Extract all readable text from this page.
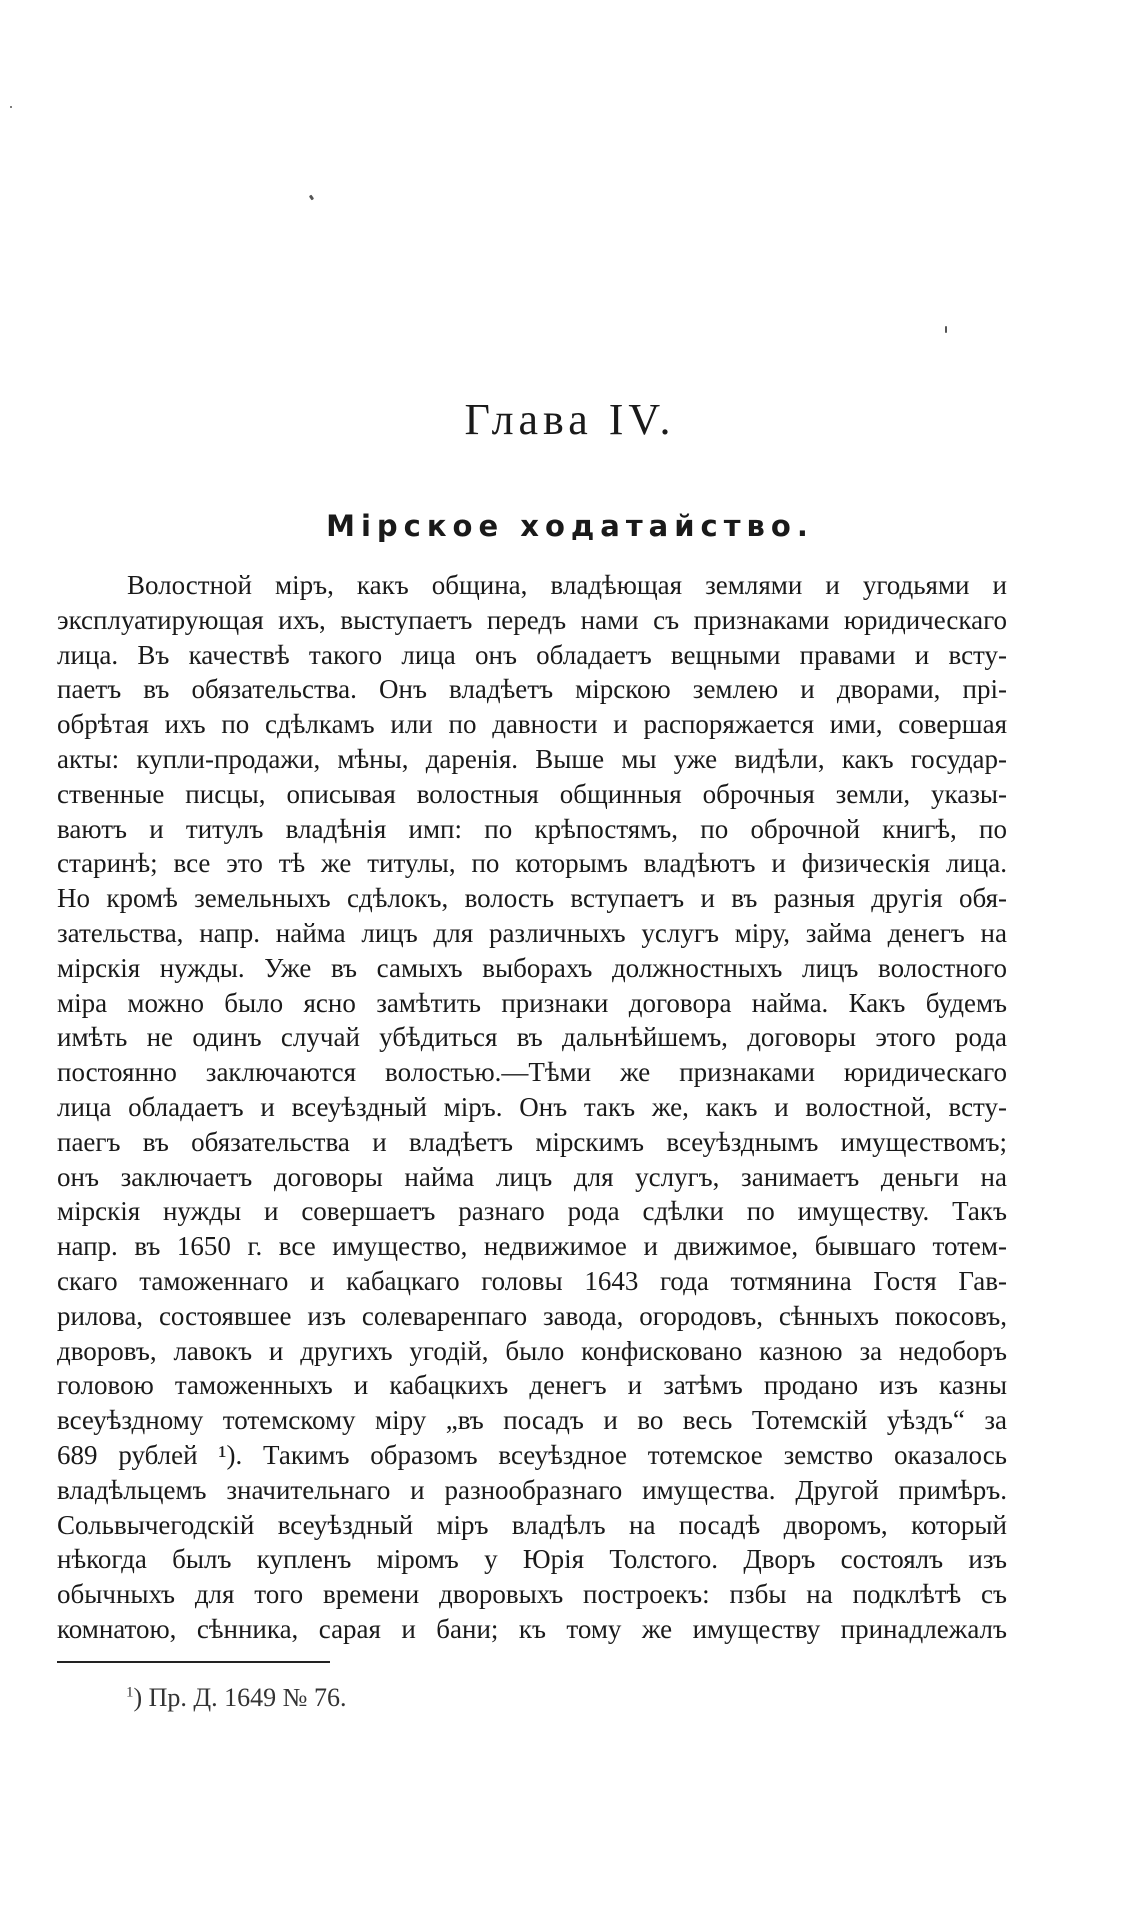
Глава IV.
Мірское ходатайство.
Волостной міръ, какъ община, владѣющая землями и угодьями и
эксплуатирующая ихъ, выступаетъ передъ нами съ признаками юридическаго
лица. Въ качествѣ такого лица онъ обладаетъ вещными правами и всту-
паетъ въ обязательства. Онъ владѣетъ мірскою землею и дворами, прі-
обрѣтая ихъ по сдѣлкамъ или по давности и распоряжается ими, совершая
акты: купли-продажи, мѣны, даренія. Выше мы уже видѣли, какъ государ-
ственные писцы, описывая волостныя общинныя оброчныя земли, указы-
ваютъ и титулъ владѣнія имп: по крѣпостямъ, по оброчной книгѣ, по
старинѣ; все это тѣ же титулы, по которымъ владѣютъ и физическія лица.
Но кромѣ земельныхъ сдѣлокъ, волость вступаетъ и въ разныя другія обя-
зательства, напр. найма лицъ для различныхъ услугъ міру, займа денегъ на
мірскія нужды. Уже въ самыхъ выборахъ должностныхъ лицъ волостного
міра можно было ясно замѣтить признаки договора найма. Какъ будемъ
имѣть не одинъ случай убѣдиться въ дальнѣйшемъ, договоры этого рода
постоянно заключаются волостью.—Тѣми же признаками юридическаго
лица обладаетъ и всеуѣздный міръ. Онъ такъ же, какъ и волостной, всту-
паегъ въ обязательства и владѣетъ мірскимъ всеуѣзднымъ имуществомъ;
онъ заключаетъ договоры найма лицъ для услугъ, занимаетъ деньги на
мірскія нужды и совершаетъ разнаго рода сдѣлки по имуществу. Такъ
напр. въ 1650 г. все имущество, недвижимое и движимое, бывшаго тотем-
скаго таможеннаго и кабацкаго головы 1643 года тотмянина Гостя Гав-
рилова, состоявшее изъ солеваренпаго завода, огородовъ, сѣнныхъ покосовъ,
дворовъ, лавокъ и другихъ угодій, было конфисковано казною за недоборъ
головою таможенныхъ и кабацкихъ денегъ и затѣмъ продано изъ казны
всеуѣздному тотемскому міру „въ посадъ и во весь Тотемскій уѣздъ“ за
689 рублей ¹). Такимъ образомъ всеуѣздное тотемское земство оказалось
владѣльцемъ значительнаго и разнообразнаго имущества. Другой примѣръ.
Сольвычегодскій всеуѣздный міръ владѣлъ на посадѣ дворомъ, который
нѣкогда былъ купленъ міромъ у Юрія Толстого. Дворъ состоялъ изъ
обычныхъ для того времени дворовыхъ построекъ: пзбы на подклѣтѣ съ
комнатою, сѣнника, сарая и бани; къ тому же имуществу принадлежалъ
$^1$) Пр. Д. 1649 № 76.
